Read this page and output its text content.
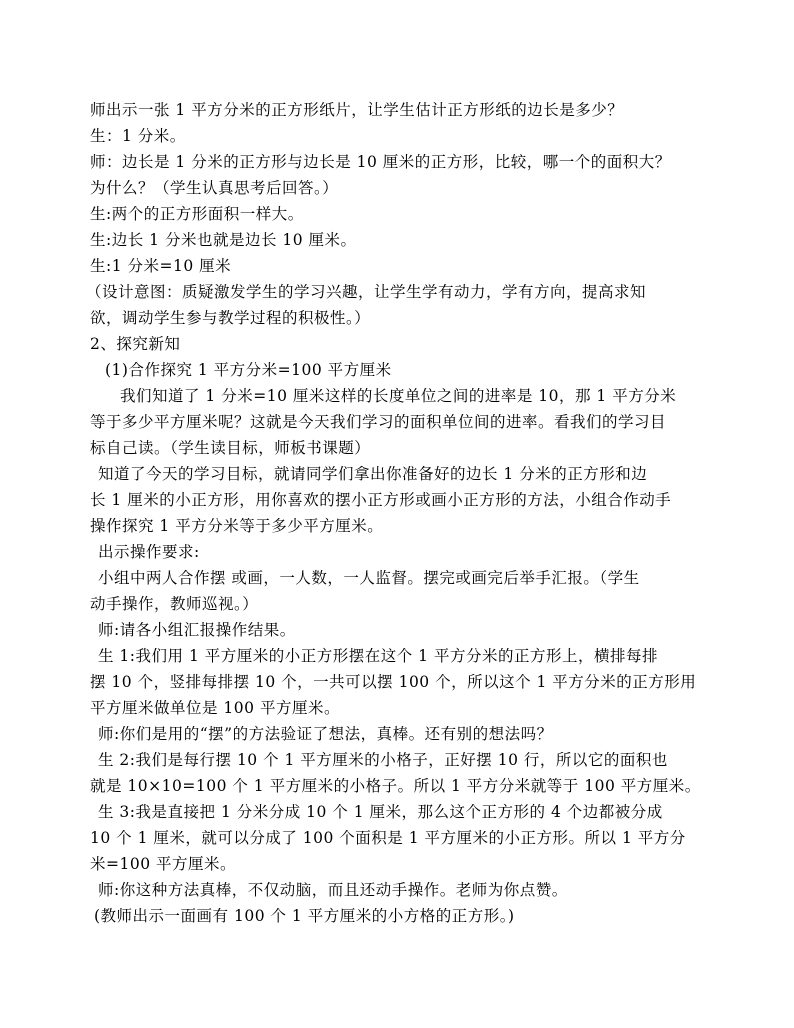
师出示一张 1 平方分米的正方形纸片，让学生估计正方形纸的边长是多少？
生：1 分米。
师：边长是 1 分米的正方形与边长是 10 厘米的正方形，比较，哪一个的面积大？
为什么？（学生认真思考后回答。）
生:两个的正方形面积一样大。
生:边长 1 分米也就是边长 10 厘米。
生:1 分米=10 厘米
（设计意图：质疑激发学生的学习兴趣，让学生学有动力，学有方向，提高求知
欲，调动学生参与教学过程的积极性。）
2、探究新知
(1)合作探究 1 平方分米=100 平方厘米
我们知道了 1 分米=10 厘米这样的长度单位之间的进率是 10，那 1 平方分米
等于多少平方厘米呢？这就是今天我们学习的面积单位间的进率。看我们的学习目
标自己读。（学生读目标，师板书课题）
知道了今天的学习目标，就请同学们拿出你准备好的边长 1 分米的正方形和边
长 1 厘米的小正方形，用你喜欢的摆小正方形或画小正方形的方法，小组合作动手
操作探究 1 平方分米等于多少平方厘米。
出示操作要求:
小组中两人合作摆 或画，一人数，一人监督。摆完或画完后举手汇报。（学生
动手操作，教师巡视。）
师:请各小组汇报操作结果。
生 1:我们用 1 平方厘米的小正方形摆在这个 1 平方分米的正方形上，横排每排
摆 10 个，竖排每排摆 10 个，一共可以摆 100 个，所以这个 1 平方分米的正方形用
平方厘米做单位是 100 平方厘米。
师:你们是用的“摆”的方法验证了想法，真棒。还有别的想法吗？
生 2:我们是每行摆 10 个 1 平方厘米的小格子，正好摆 10 行，所以它的面积也
就是 10×10=100 个 1 平方厘米的小格子。所以 1 平方分米就等于 100 平方厘米。
生 3:我是直接把 1 分米分成 10 个 1 厘米，那么这个正方形的 4 个边都被分成
10 个 1 厘米，就可以分成了 100 个面积是 1 平方厘米的小正方形。所以 1 平方分
米=100 平方厘米。
师:你这种方法真棒，不仅动脑，而且还动手操作。老师为你点赞。
(教师出示一面画有 100 个 1 平方厘米的小方格的正方形。)
